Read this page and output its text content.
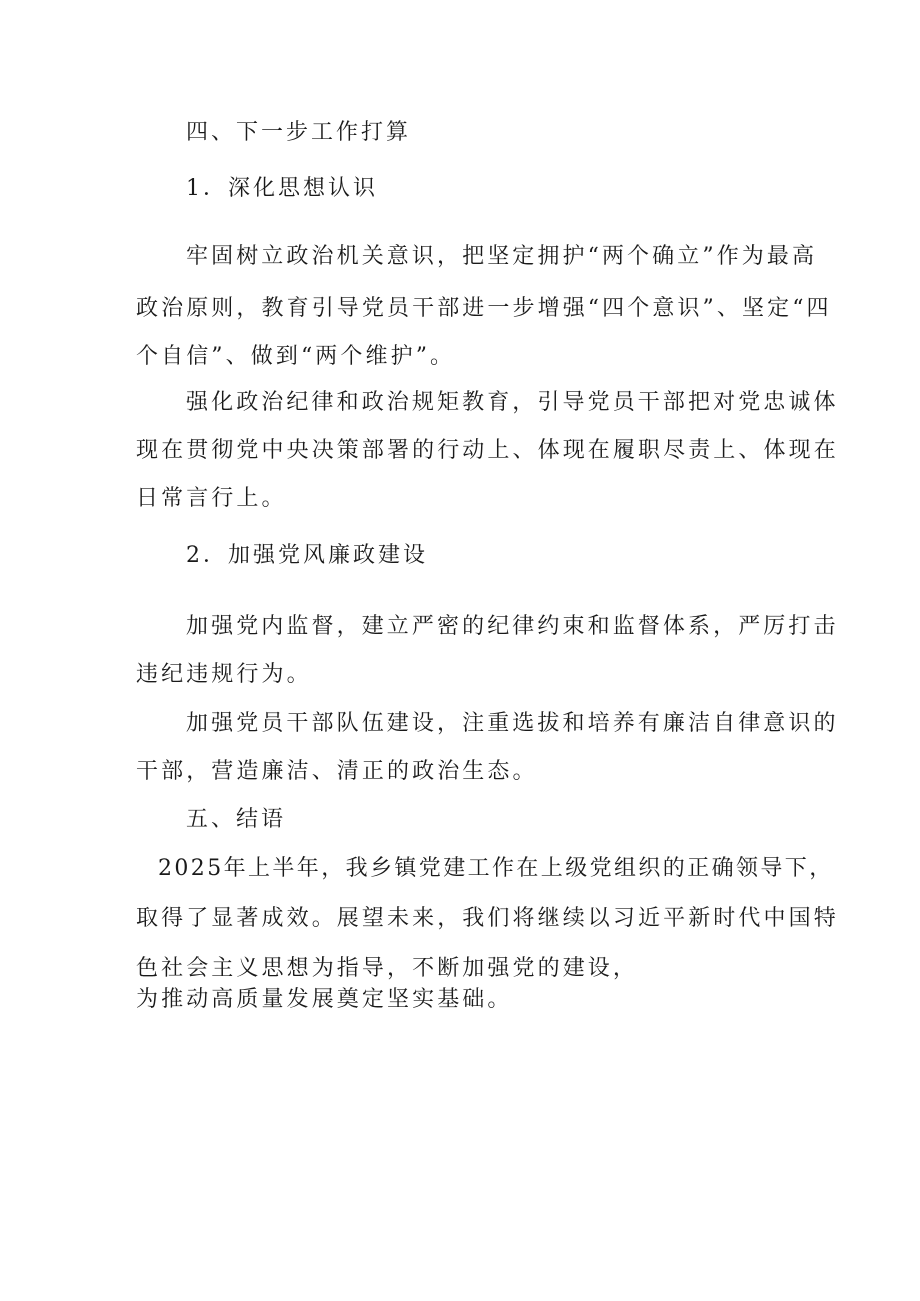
四、下一步工作打算
1．深化思想认识
牢固树立政治机关意识，把坚定拥护“两个确立”作为最高
政治原则，教育引导党员干部进一步增强“四个意识”、坚定“四
个自信”、做到“两个维护”。
强化政治纪律和政治规矩教育，引导党员干部把对党忠诚体
现在贯彻党中央决策部署的行动上、体现在履职尽责上、体现在
日常言行上。
2．加强党风廉政建设
加强党内监督，建立严密的纪律约束和监督体系，严厉打击
违纪违规行为。
加强党员干部队伍建设，注重选拔和培养有廉洁自律意识的
干部，营造廉洁、清正的政治生态。
五、结语
2025年上半年，我乡镇党建工作在上级党组织的正确领导下，
取得了显著成效。展望未来，我们将继续以习近平新时代中国特
色社会主义思想为指导，不断加强党的建设，
为推动高质量发展奠定坚实基础。
